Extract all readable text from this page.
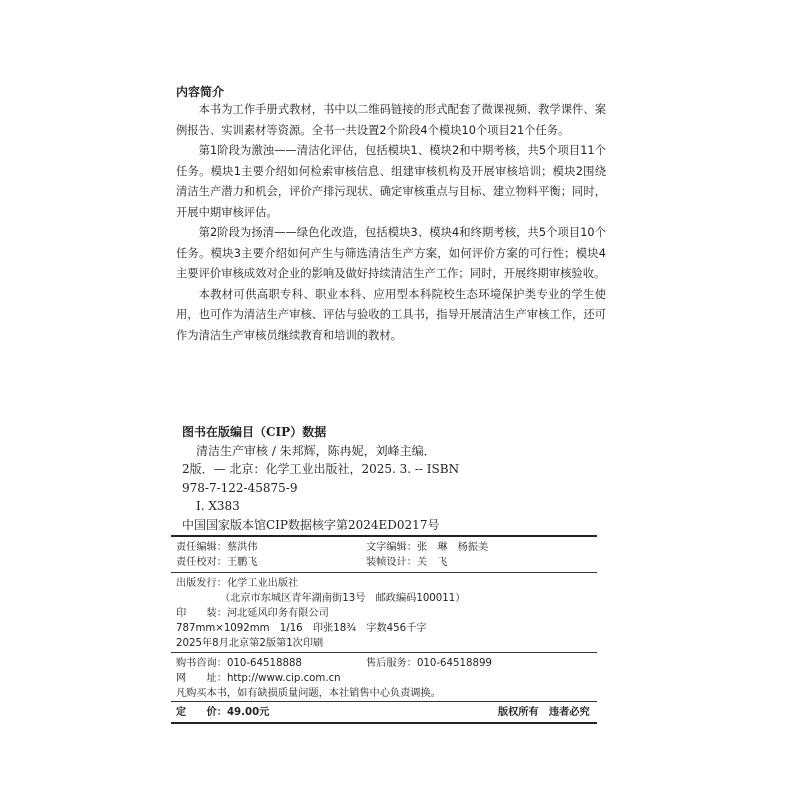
内容简介

本书为工作手册式教材，书中以二维码链接的形式配套了微课视频、教学课件、案例报告、实训素材等资源。全书一共设置2个阶段4个模块10个项目21个任务。

第1阶段为激浊——清洁化评估，包括模块1、模块2和中期考核，共5个项目11个任务。模块1主要介绍如何检索审核信息、组建审核机构及开展审核培训；模块2围绕清洁生产潜力和机会，评价产排污现状、确定审核重点与目标、建立物料平衡；同时，开展中期审核评估。

第2阶段为扬清——绿色化改造，包括模块3、模块4和终期考核，共5个项目10个任务。模块3主要介绍如何产生与筛选清洁生产方案，如何评价方案的可行性；模块4主要评价审核成效对企业的影响及做好持续清洁生产工作；同时，开展终期审核验收。

本教材可供高职专科、职业本科、应用型本科院校生态环境保护类专业的学生使用，也可作为清洁生产审核、评估与验收的工具书，指导开展清洁生产审核工作，还可作为清洁生产审核员继续教育和培训的教材。

图书在版编目（CIP）数据
清洁生产审核 / 朱邦辉，陈冉妮，刘峰主编．
2版．— 北京：化学工业出版社，2025. 3. -- ISBN
978-7-122-45875-9
Ⅰ. X383
中国国家版本馆CIP数据核字第2024ED0217号
责任编辑：蔡洪伟	文字编辑：张　琳　杨振美
责任校对：王鹏飞	装帧设计：关　飞
出版发行：化学工业出版社
（北京市东城区青年湖南街13号　邮政编码100011）
印　　装：河北延风印务有限公司
787mm×1092mm　1/16　印张18¾　字数456千字
2025年8月北京第2版第1次印刷
购书咨询：010-64518888	售后服务：010-64518899
网　　址：http://www.cip.com.cn
凡购买本书，如有缺损质量问题，本社销售中心负责调换。
定　　价：49.00元	版权所有　违者必究
